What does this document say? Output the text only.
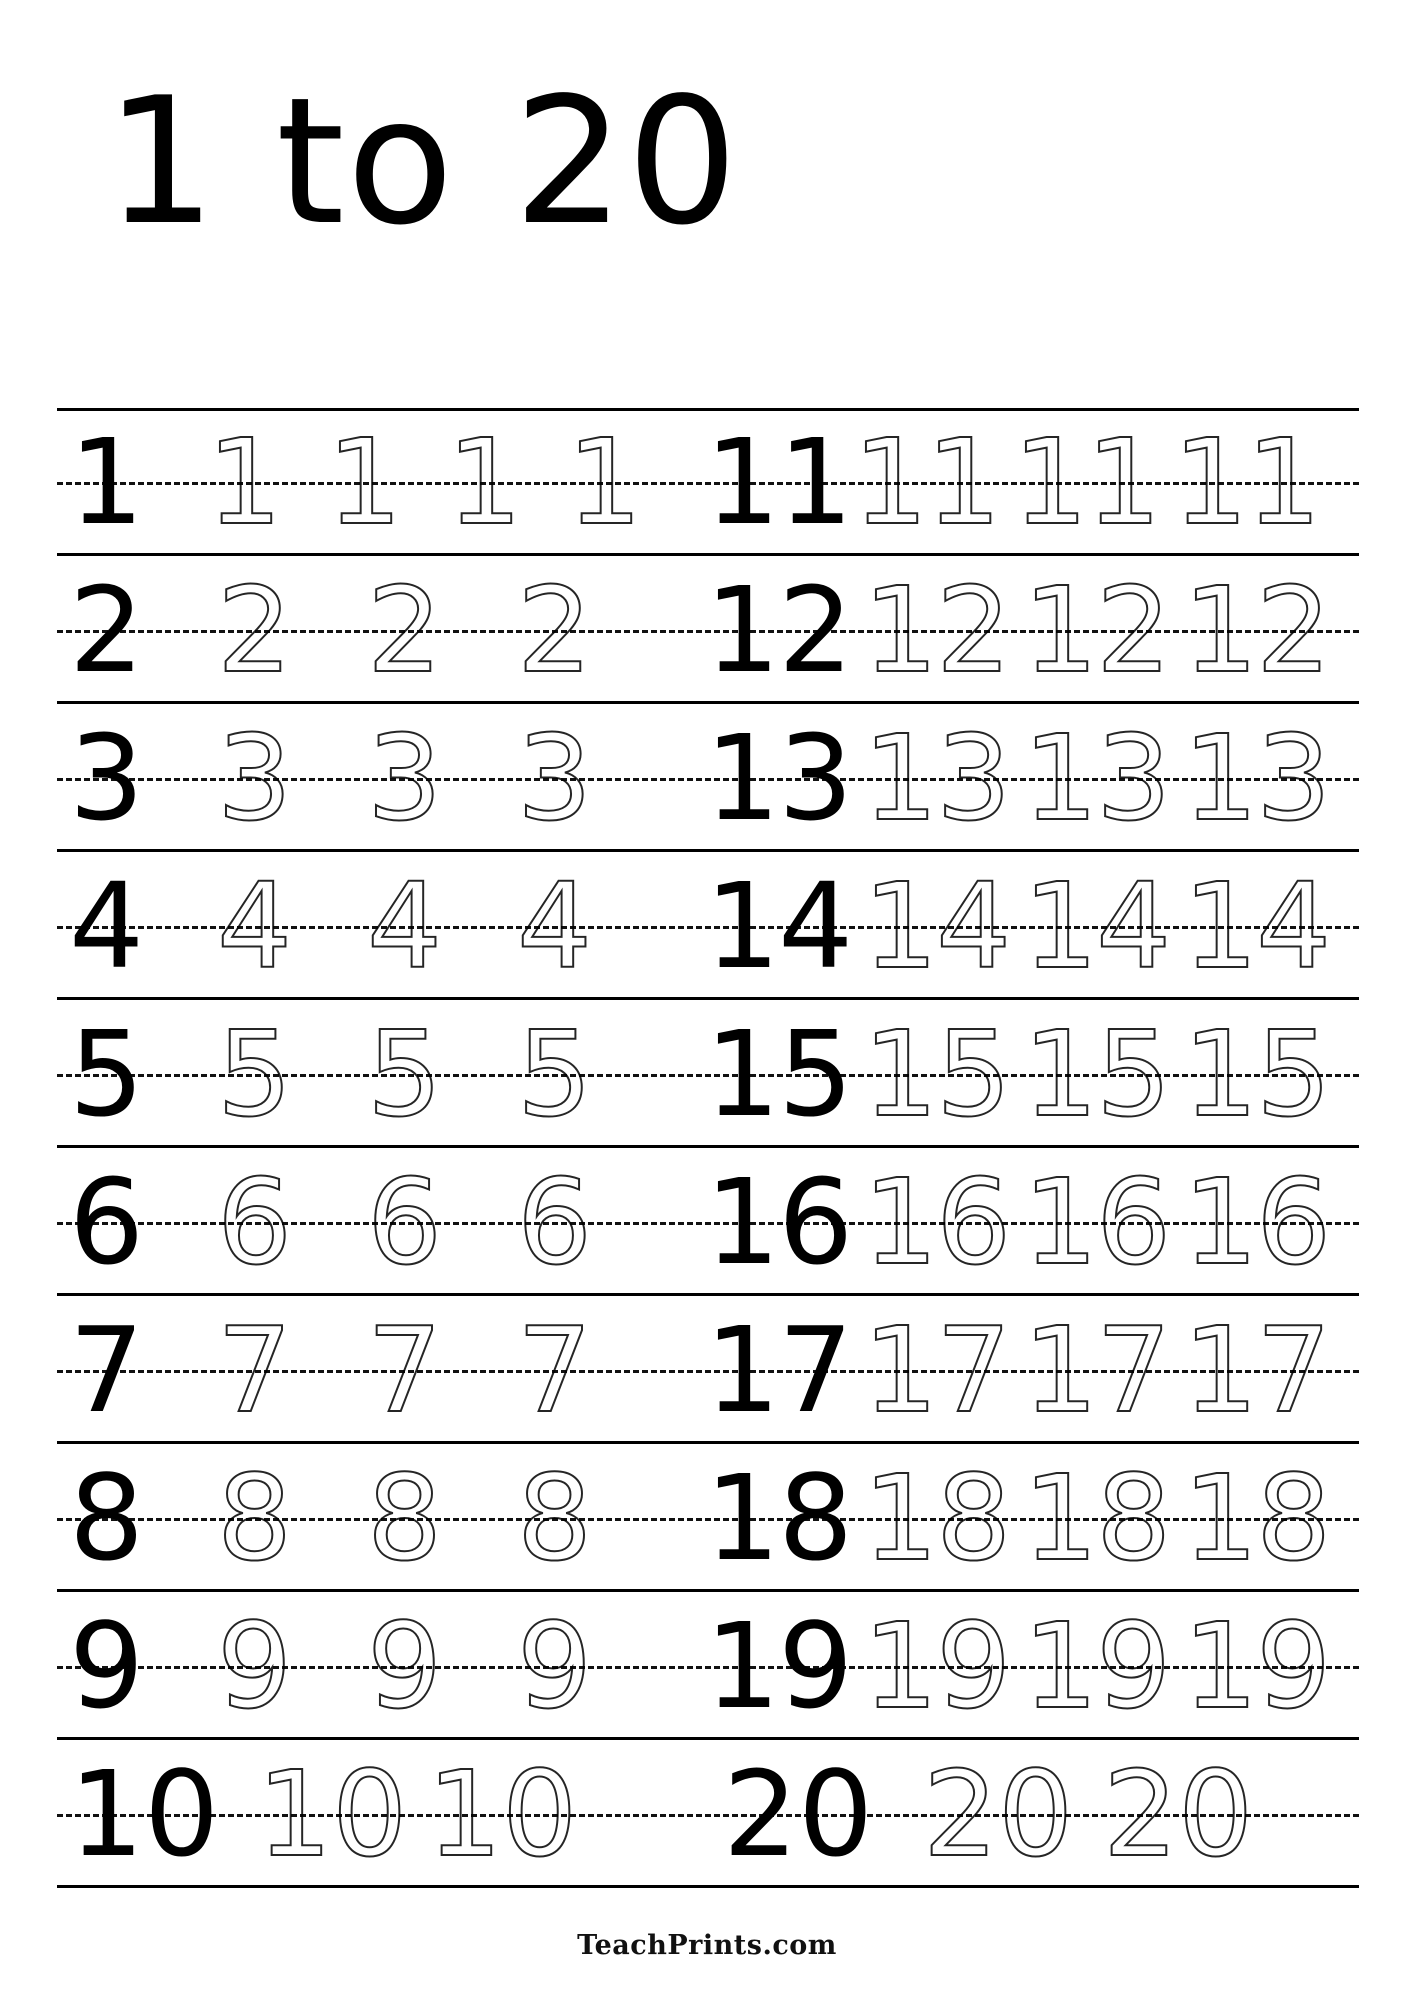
1 to 20
1 1 1 1 1 11 11 11 11
2 2 2 2 12 12 12 12
3 3 3 3 13 13 13 13
4 4 4 4 14 14 14 14
5 5 5 5 15 15 15 15
6 6 6 6 16 16 16 16
7 7 7 7 17 17 17 17
8 8 8 8 18 18 18 18
9 9 9 9 19 19 19 19
10 10 10 20 20 20
TeachPrints.com
